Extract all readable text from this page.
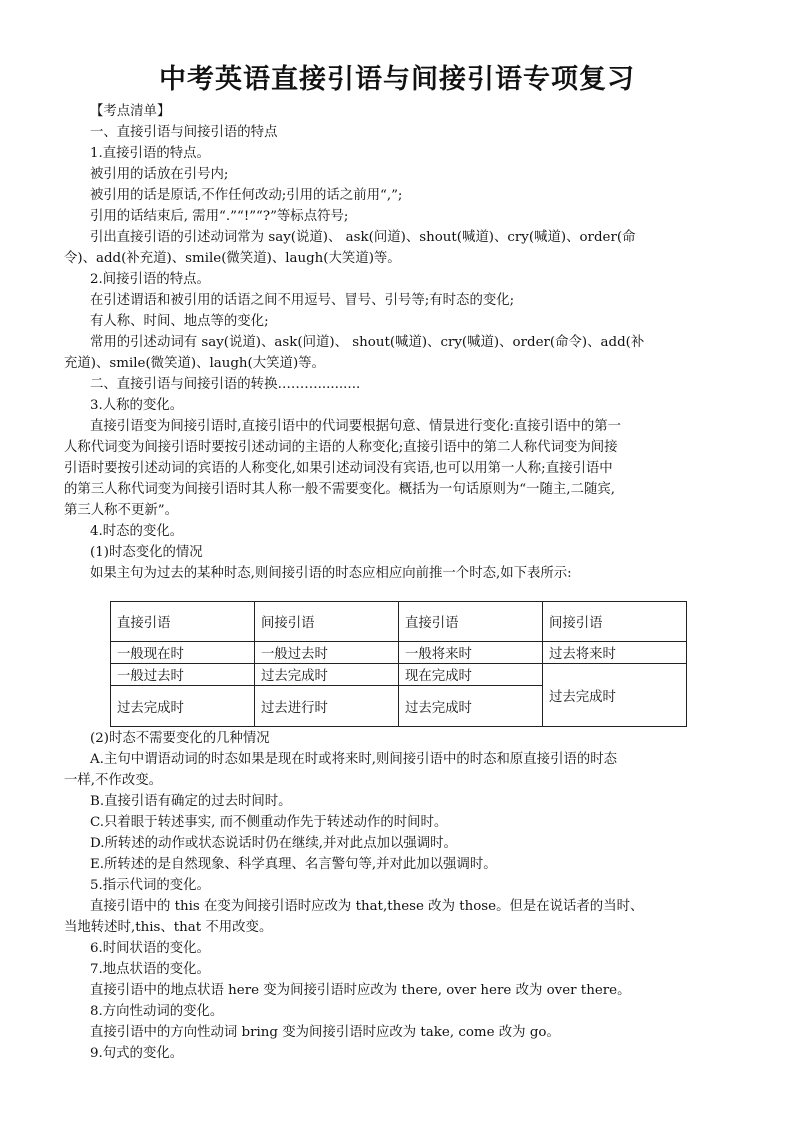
中考英语直接引语与间接引语专项复习

【考点清单】

一、直接引语与间接引语的特点

1.直接引语的特点。

被引用的话放在引号内;

被引用的话是原话,不作任何改动;引用的话之前用“,”;

引用的话结束后, 需用“.”“!”“?”等标点符号;

引出直接引语的引述动词常为 say(说道)、 ask(问道)、shout(喊道)、cry(喊道)、order(命

令)、add(补充道)、smile(微笑道)、laugh(大笑道)等。

2.间接引语的特点。

在引述谓语和被引用的话语之间不用逗号、冒号、引号等;有时态的变化;

有人称、时间、地点等的变化;

常用的引述动词有 say(说道)、ask(问道)、 shout(喊道)、cry(喊道)、order(命令)、add(补

充道)、smile(微笑道)、laugh(大笑道)等。

二、直接引语与间接引语的转换………..........

3.人称的变化。

直接引语变为间接引语时,直接引语中的代词要根据句意、情景进行变化:直接引语中的第一

人称代词变为间接引语时要按引述动词的主语的人称变化;直接引语中的第二人称代词变为间接

引语时要按引述动词的宾语的人称变化,如果引述动词没有宾语,也可以用第一人称;直接引语中

的第三人称代词变为间接引语时其人称一般不需要变化。概括为一句话原则为“一随主,二随宾,

第三人称不更新”。

4.时态的变化。

(1)时态变化的情况

如果主句为过去的某种时态,则间接引语的时态应相应向前推一个时态,如下表所示:

直接引语	间接引语	直接引语	间接引语
一般现在时	一般过去时	一般将来时	过去将来时
一般过去时	过去完成时	现在完成时	过去完成时
过去完成时	过去进行时	过去完成时	

(2)时态不需要变化的几种情况

A.主句中谓语动词的时态如果是现在时或将来时,则间接引语中的时态和原直接引语的时态

一样,不作改变。

B.直接引语有确定的过去时间时。

C.只着眼于转述事实, 而不侧重动作先于转述动作的时间时。

D.所转述的动作或状态说话时仍在继续,并对此点加以强调时。

E.所转述的是自然现象、科学真理、名言警句等,并对此加以强调时。

5.指示代词的变化。

直接引语中的 this 在变为间接引语时应改为 that,these 改为 those。但是在说话者的当时、

当地转述时,this、that 不用改变。

6.时间状语的变化。

7.地点状语的变化。

直接引语中的地点状语 here 变为间接引语时应改为 there, over here 改为 over there。

8.方向性动词的变化。

直接引语中的方向性动词 bring 变为间接引语时应改为 take, come 改为 go。

9.句式的变化。
